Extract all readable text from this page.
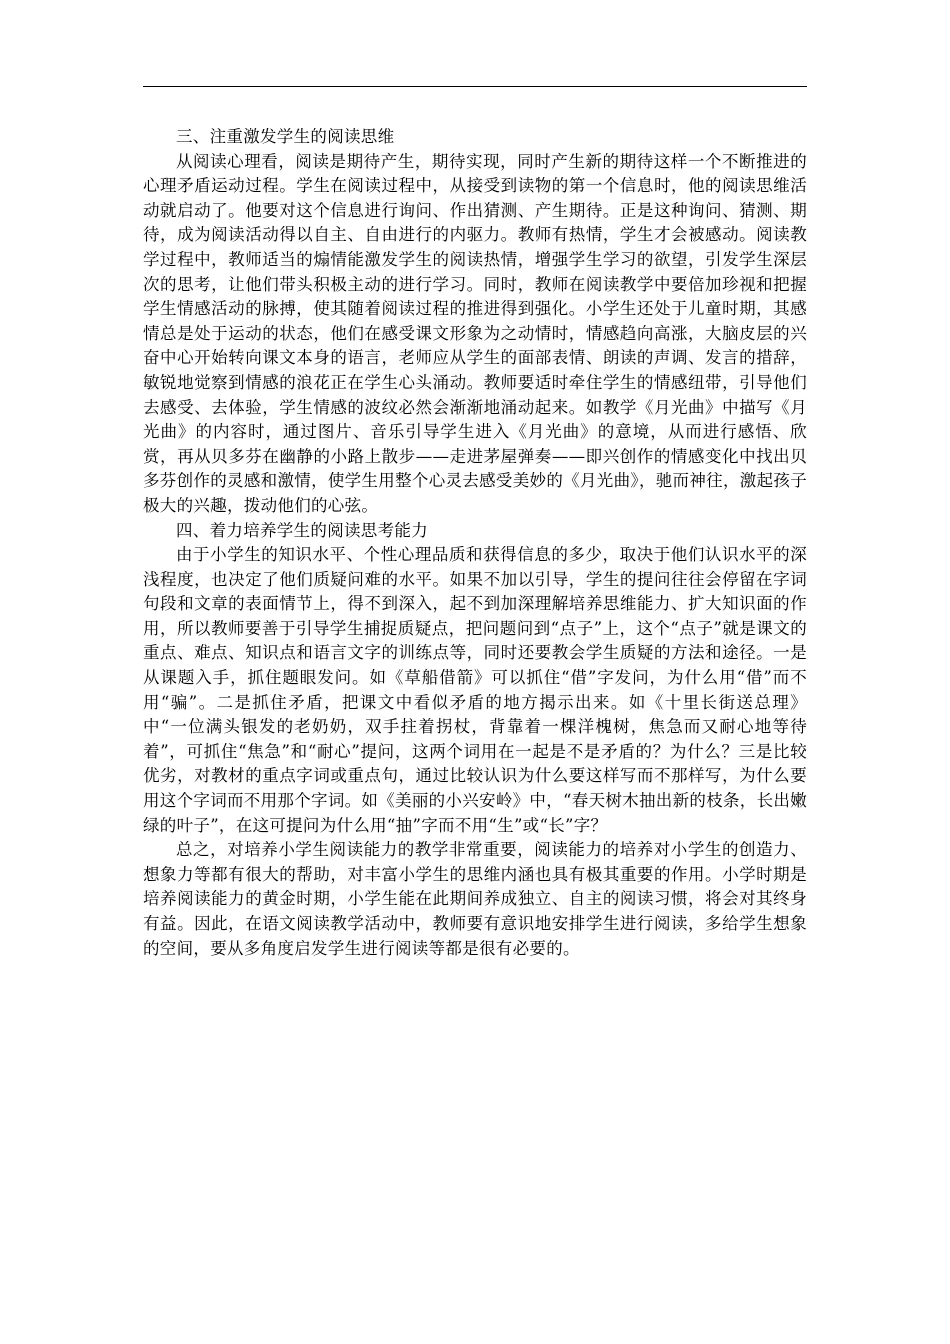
三、注重激发学生的阅读思维

从阅读心理看，阅读是期待产生，期待实现，同时产生新的期待这样一个不断推进的心理矛盾运动过程。学生在阅读过程中，从接受到读物的第一个信息时，他的阅读思维活动就启动了。他要对这个信息进行询问、作出猜测、产生期待。正是这种询问、猜测、期待，成为阅读活动得以自主、自由进行的内驱力。教师有热情，学生才会被感动。阅读教学过程中，教师适当的煽情能激发学生的阅读热情，增强学生学习的欲望，引发学生深层次的思考，让他们带头积极主动的进行学习。同时，教师在阅读教学中要倍加珍视和把握学生情感活动的脉搏，使其随着阅读过程的推进得到强化。小学生还处于儿童时期，其感情总是处于运动的状态，他们在感受课文形象为之动情时，情感趋向高涨，大脑皮层的兴奋中心开始转向课文本身的语言，老师应从学生的面部表情、朗读的声调、发言的措辞，敏锐地觉察到情感的浪花正在学生心头涌动。教师要适时牵住学生的情感纽带，引导他们去感受、去体验，学生情感的波纹必然会渐渐地涌动起来。如教学《月光曲》中描写《月光曲》的内容时，通过图片、音乐引导学生进入《月光曲》的意境，从而进行感悟、欣赏，再从贝多芬在幽静的小路上散步——走进茅屋弹奏——即兴创作的情感变化中找出贝多芬创作的灵感和激情，使学生用整个心灵去感受美妙的《月光曲》，驰而神往，激起孩子极大的兴趣，拨动他们的心弦。

四、着力培养学生的阅读思考能力

由于小学生的知识水平、个性心理品质和获得信息的多少，取决于他们认识水平的深浅程度，也决定了他们质疑问难的水平。如果不加以引导，学生的提问往往会停留在字词句段和文章的表面情节上，得不到深入，起不到加深理解培养思维能力、扩大知识面的作用，所以教师要善于引导学生捕捉质疑点，把问题问到“点子”上，这个“点子”就是课文的重点、难点、知识点和语言文字的训练点等，同时还要教会学生质疑的方法和途径。一是从课题入手，抓住题眼发问。如《草船借箭》可以抓住“借”字发问，为什么用“借”而不用“骗”。二是抓住矛盾，把课文中看似矛盾的地方揭示出来。如《十里长街送总理》中“一位满头银发的老奶奶，双手拄着拐杖，背靠着一棵洋槐树，焦急而又耐心地等待着”，可抓住“焦急”和“耐心”提问，这两个词用在一起是不是矛盾的？为什么？三是比较优劣，对教材的重点字词或重点句，通过比较认识为什么要这样写而不那样写，为什么要用这个字词而不用那个字词。如《美丽的小兴安岭》中，“春天树木抽出新的枝条，长出嫩绿的叶子”，在这可提问为什么用“抽”字而不用“生”或“长”字？

总之，对培养小学生阅读能力的教学非常重要，阅读能力的培养对小学生的创造力、想象力等都有很大的帮助，对丰富小学生的思维内涵也具有极其重要的作用。小学时期是培养阅读能力的黄金时期，小学生能在此期间养成独立、自主的阅读习惯，将会对其终身有益。因此，在语文阅读教学活动中，教师要有意识地安排学生进行阅读，多给学生想象的空间，要从多角度启发学生进行阅读等都是很有必要的。
